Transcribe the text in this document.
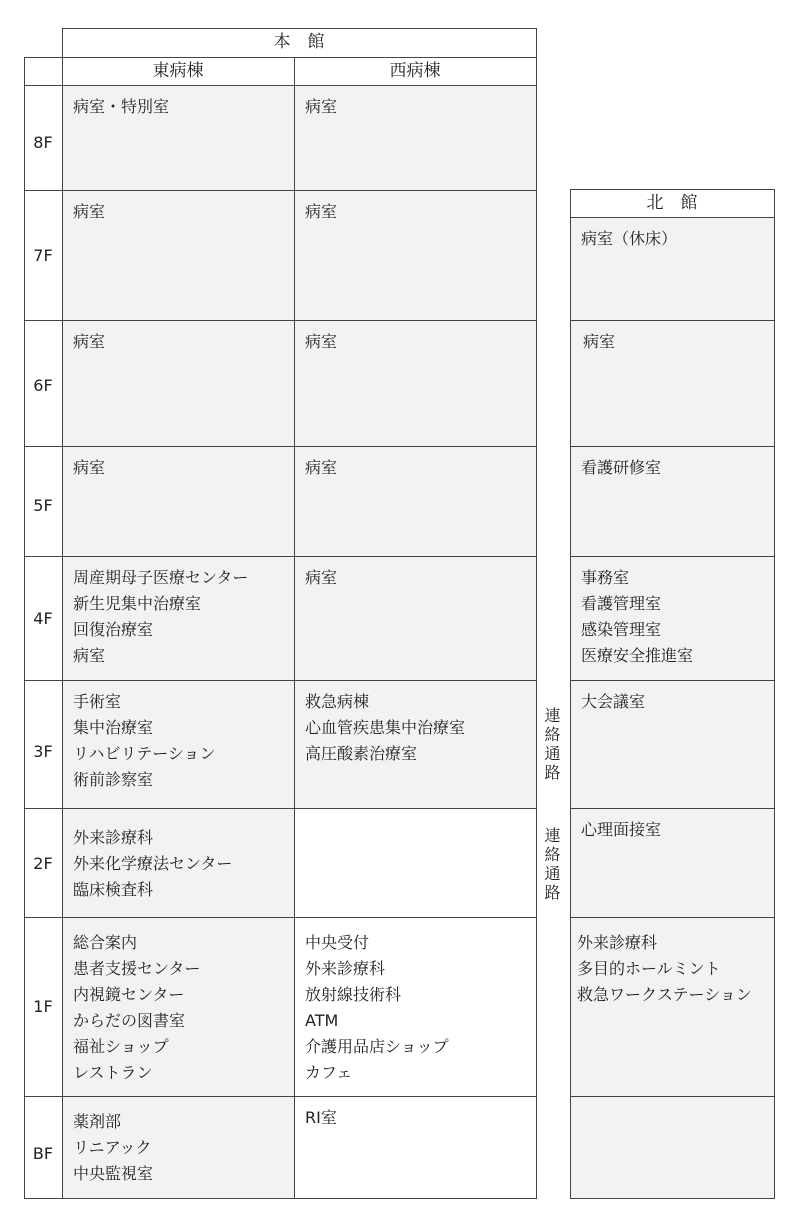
本　館
東病棟	西病棟
8F
7F
6F
5F
4F
3F
2F
1F
BF
病室・特別室
病室
病室
病室
周産期母子医療センター
新生児集中治療室
回復治療室
病室
手術室
集中治療室
リハビリテーション
術前診察室
外来診療科
外来化学療法センター
臨床検査科
総合案内
患者支援センター
内視鏡センター
からだの図書室
福祉ショップ
レストラン
薬剤部
リニアック
中央監視室
病室
病室
病室
病室
病室
救急病棟
心血管疾患集中治療室
高圧酸素治療室
中央受付
外来診療科
放射線技術科
ATM
介護用品店ショップ
カフェ
RI室
連
絡
通
路
連
絡
通
路
北　館
病室（休床）
病室
看護研修室
事務室
看護管理室
感染管理室
医療安全推進室
大会議室
心理面接室
外来診療科
多目的ホールミント
救急ワークステーション
